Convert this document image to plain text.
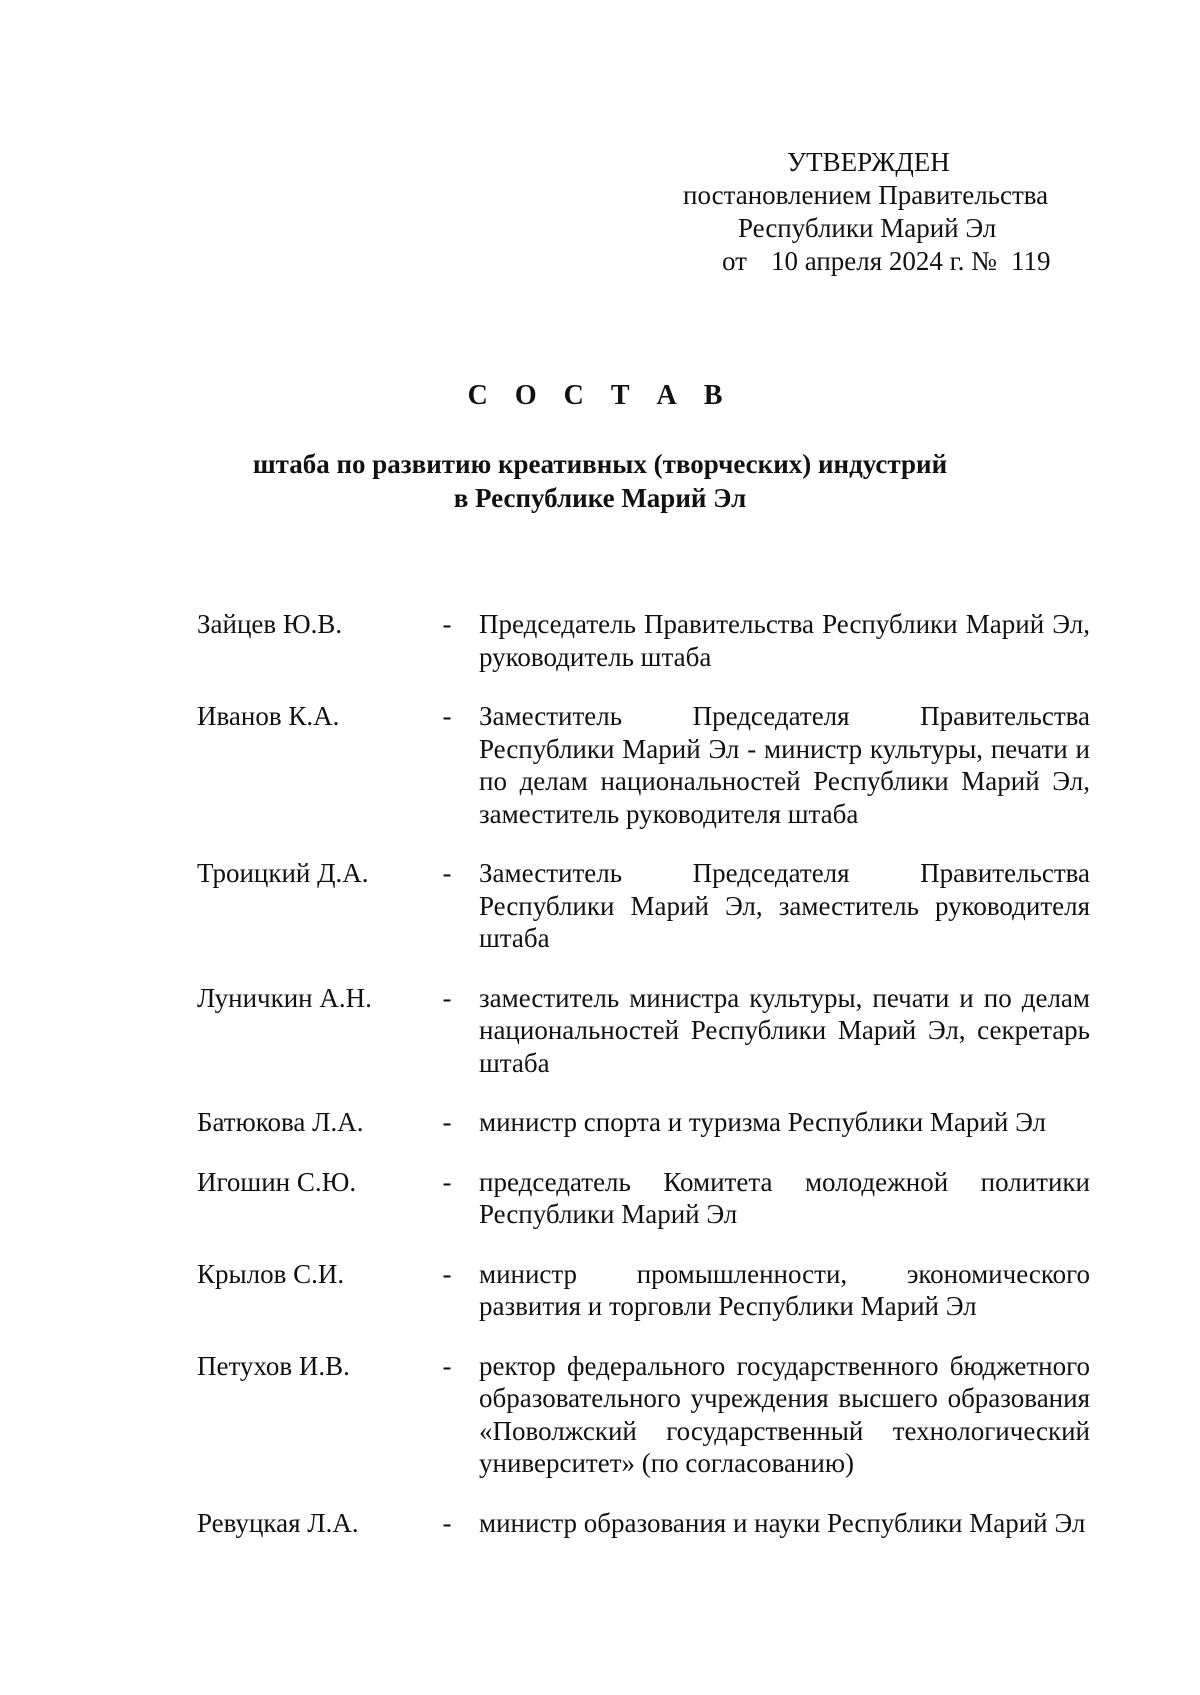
УТВЕРЖДЕН
постановлением Правительства
Республики Марий Эл
от 10 апреля 2024 г. № 119
С О С Т А В
штаба по развитию креативных (творческих) индустрий
в Республике Марий Эл
Зайцев Ю.В.	- Председатель Правительства Республики Марий Эл, руководитель штаба
Иванов К.А.	- Заместитель Председателя Правительства Республики Марий Эл - министр культуры, печати и по делам национальностей Республики Марий Эл, заместитель руководителя штаба
Троицкий Д.А.	- Заместитель Председателя Правительства Республики Марий Эл, заместитель руководителя штаба
Луничкин А.Н.	- заместитель министра культуры, печати и по делам национальностей Республики Марий Эл, секретарь штаба
Батюкова Л.А.	- министр спорта и туризма Республики Марий Эл
Игошин С.Ю.	- председатель Комитета молодежной политики Республики Марий Эл
Крылов С.И.	- министр промышленности, экономического развития и торговли Республики Марий Эл
Петухов И.В.	- ректор федерального государственного бюджетного образовательного учреждения высшего образования «Поволжский государственный технологический университет» (по согласованию)
Ревуцкая Л.А.	- министр образования и науки Республики Марий Эл
